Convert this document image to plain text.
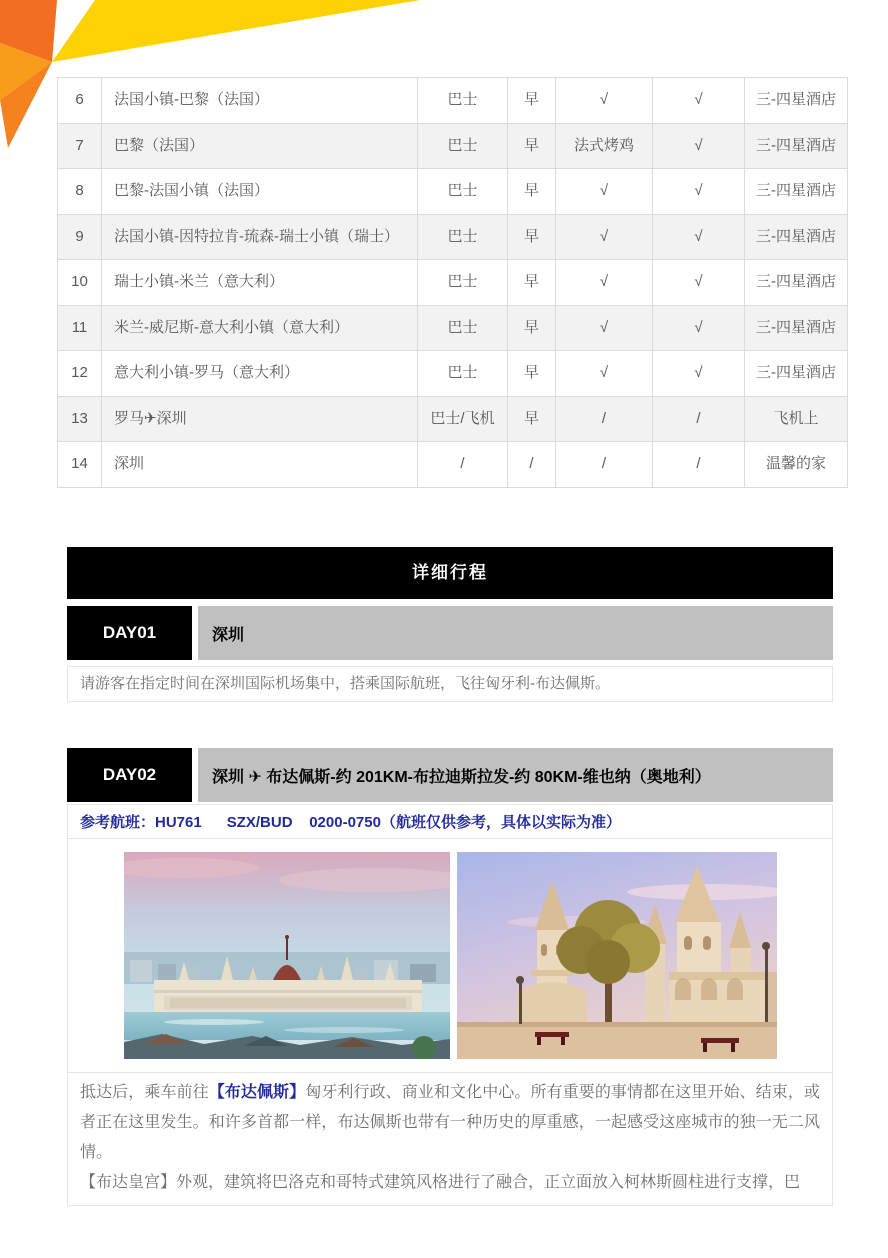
6	法国小镇-巴黎（法国）	巴士	早	√	√	三-四星酒店
7	巴黎（法国）	巴士	早	法式烤鸡	√	三-四星酒店
8	巴黎-法国小镇（法国）	巴士	早	√	√	三-四星酒店
9	法国小镇-因特拉肯-琉森-瑞士小镇（瑞士）	巴士	早	√	√	三-四星酒店
10	瑞士小镇-米兰（意大利）	巴士	早	√	√	三-四星酒店
11	米兰-威尼斯-意大利小镇（意大利）	巴士	早	√	√	三-四星酒店
12	意大利小镇-罗马（意大利）	巴士	早	√	√	三-四星酒店
13	罗马✈深圳	巴士/飞机	早	/	/	飞机上
14	深圳	/	/	/	/	温馨的家
详细行程
DAY01	深圳
请游客在指定时间在深圳国际机场集中，搭乘国际航班，飞往匈牙利-布达佩斯。
DAY02	深圳 ✈ 布达佩斯-约 201KM-布拉迪斯拉发-约 80KM-维也纳（奥地利）
参考航班：HU761      SZX/BUD    0200-0750（航班仅供参考，具体以实际为准）

抵达后，乘车前往【布达佩斯】匈牙利行政、商业和文化中心。所有重要的事情都在这里开始、结束，或者正在这里发生。和许多首都一样，布达佩斯也带有一种历史的厚重感，一起感受这座城市的独一无二风情。

【布达皇宫】外观，建筑将巴洛克和哥特式建筑风格进行了融合，正立面放入柯林斯圆柱进行支撑，巴
